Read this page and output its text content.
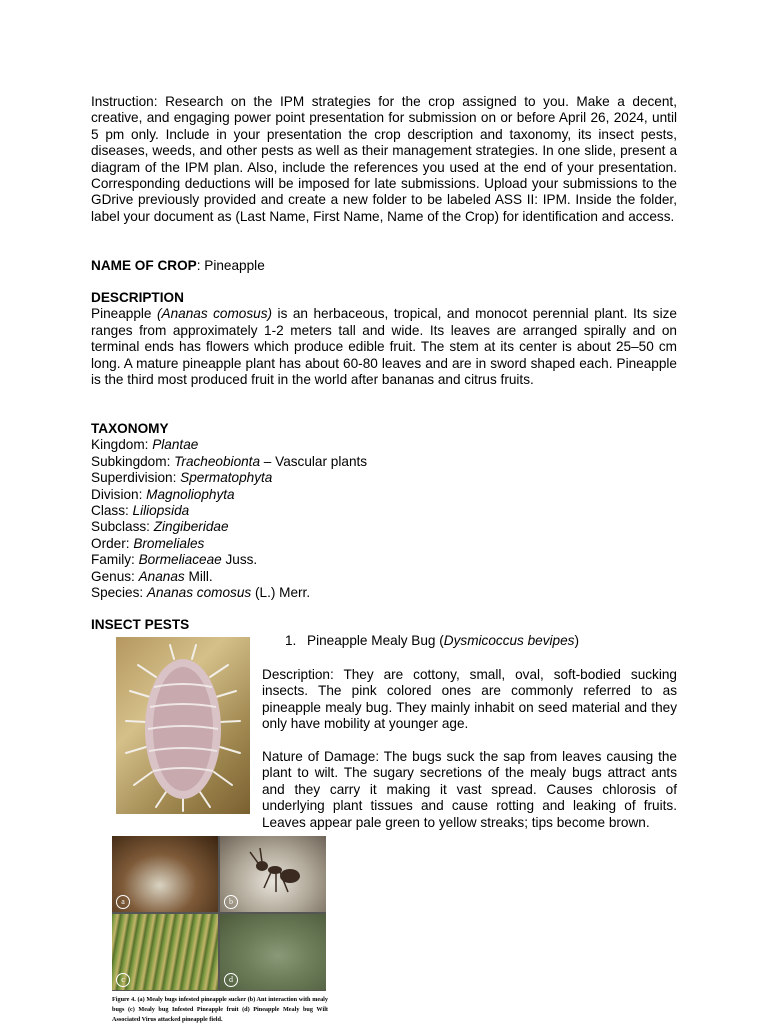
Instruction: Research on the IPM strategies for the crop assigned to you. Make a decent, creative, and engaging power point presentation for submission on or before April 26, 2024, until 5 pm only. Include in your presentation the crop description and taxonomy, its insect pests, diseases, weeds, and other pests as well as their management strategies. In one slide, present a diagram of the IPM plan. Also, include the references you used at the end of your presentation. Corresponding deductions will be imposed for late submissions. Upload your submissions to the GDrive previously provided and create a new folder to be labeled ASS II: IPM. Inside the folder, label your document as (Last Name, First Name, Name of the Crop) for identification and access.

NAME OF CROP: Pineapple

DESCRIPTION

Pineapple (Ananas comosus) is an herbaceous, tropical, and monocot perennial plant. Its size ranges from approximately 1-2 meters tall and wide. Its leaves are arranged spirally and on terminal ends has flowers which produce edible fruit. The stem at its center is about 25–50 cm long. A mature pineapple plant has about 60-80 leaves and are in sword shaped each. Pineapple is the third most produced fruit in the world after bananas and citrus fruits.

TAXONOMY

Kingdom: Plantae

Subkingdom: Tracheobionta – Vascular plants

Superdivision: Spermatophyta

Division: Magnoliophyta

Class: Liliopsida

Subclass: Zingiberidae

Order: Bromeliales

Family: Bormeliaceae Juss.

Genus: Ananas Mill.

Species: Ananas comosus (L.) Merr.

INSECT PESTS

1. Pineapple Mealy Bug (Dysmicoccus bevipes)

Description: They are cottony, small, oval, soft-bodied sucking insects. The pink colored ones are commonly referred to as pineapple mealy bug. They mainly inhabit on seed material and they only have mobility at younger age.

Nature of Damage: The bugs suck the sap from leaves causing the plant to wilt. The sugary secretions of the mealy bugs attract ants and they carry it making it vast spread. Causes chlorosis of underlying plant tissues and cause rotting and leaking of fruits. Leaves appear pale green to yellow streaks; tips become brown.

a	b
c	d

Figure 4. (a) Mealy bugs infested pineapple sucker (b) Ant interaction with mealy bugs (c) Mealy bug Infested Pineapple fruit (d) Pineapple Mealy bug Wilt Associated Virus attacked pineapple field.
